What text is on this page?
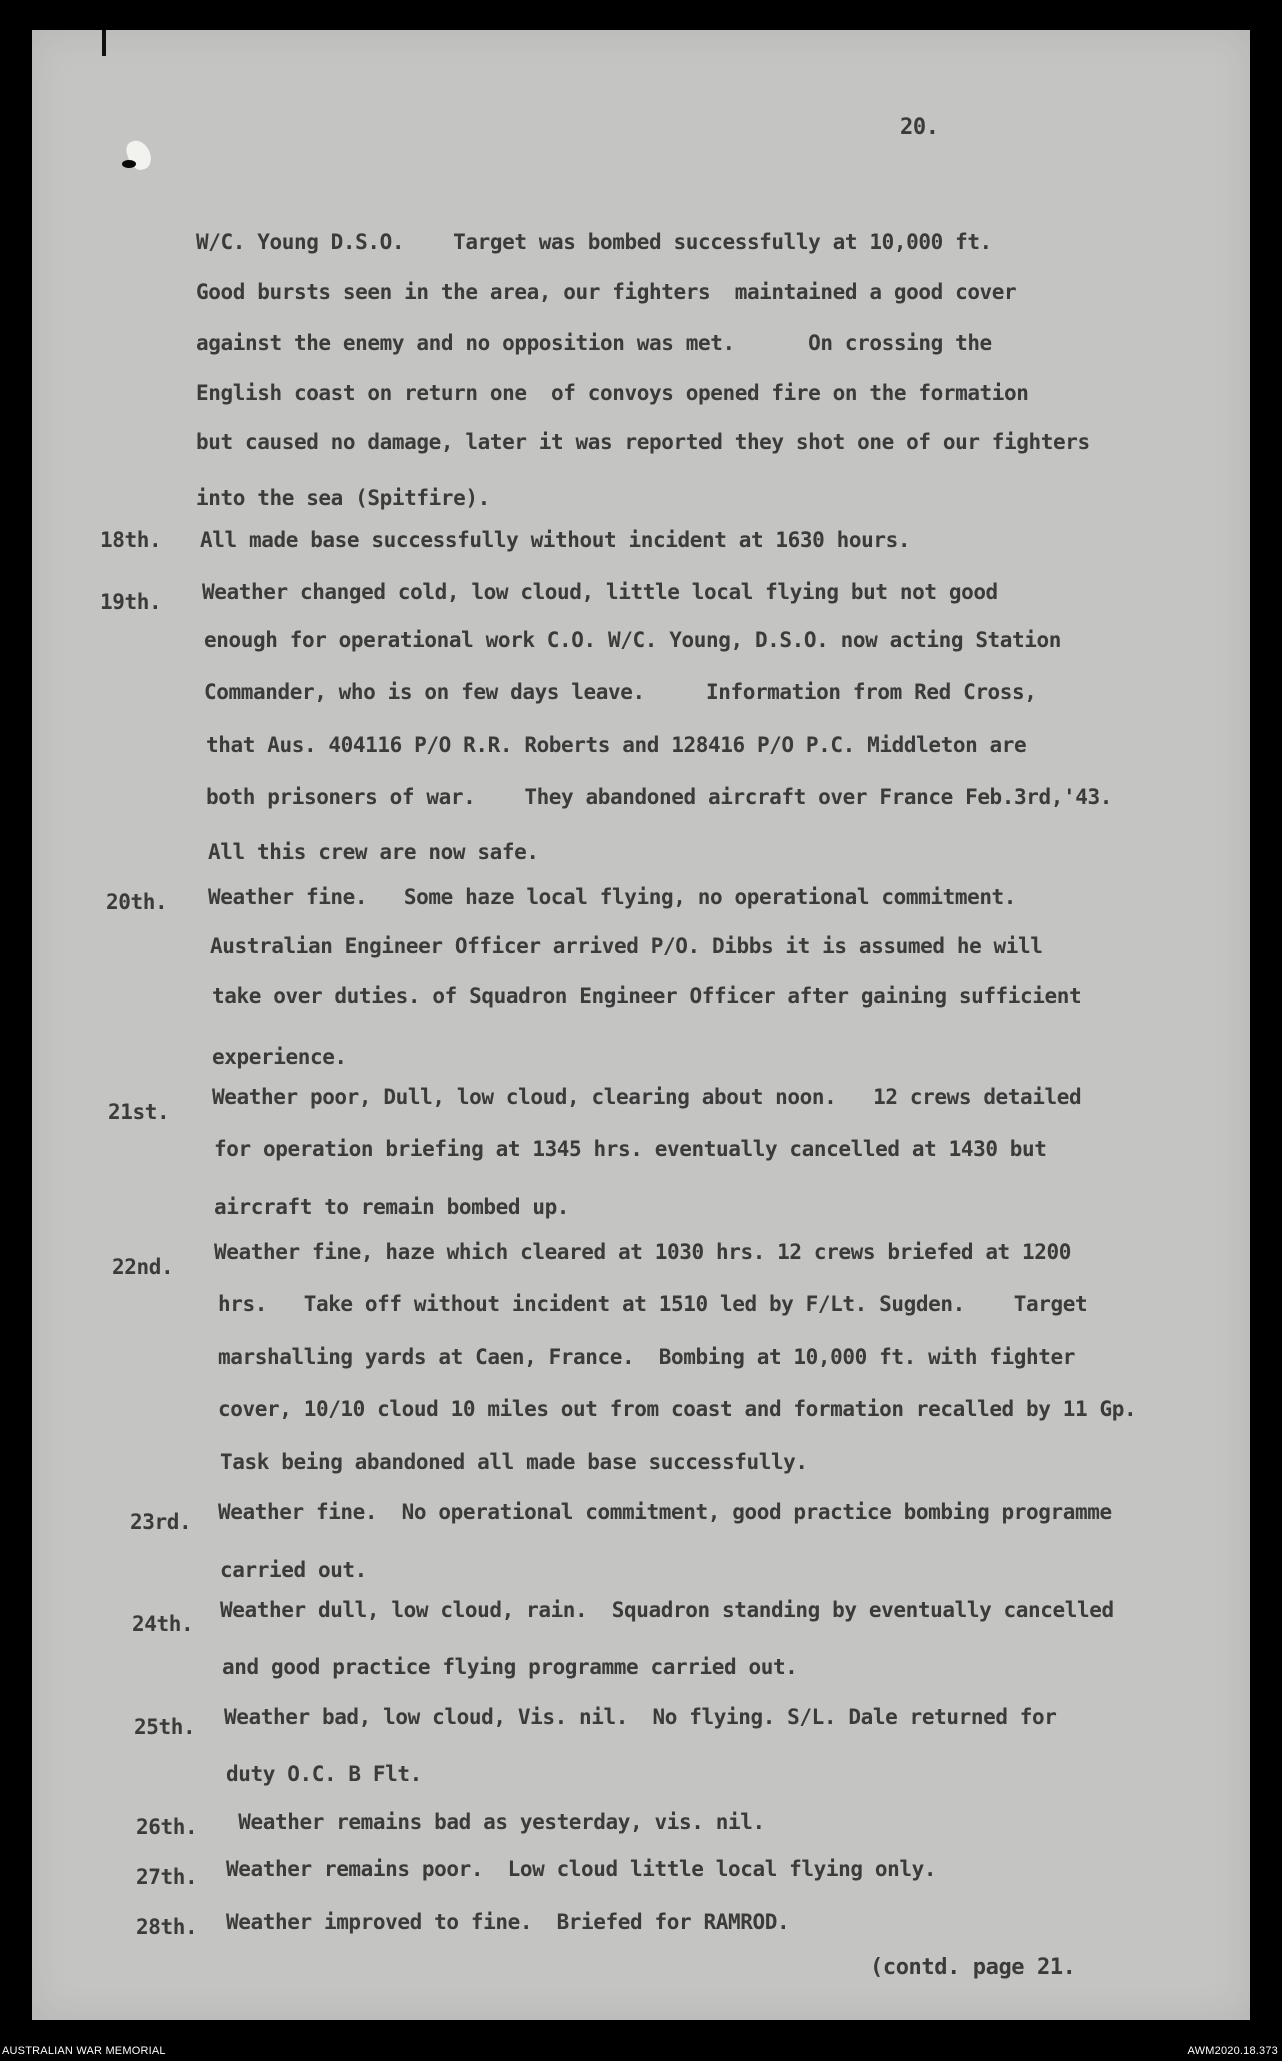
20.
W/C. Young D.S.O.    Target was bombed successfully at 10,000 ft.
Good bursts seen in the area, our fighters  maintained a good cover
against the enemy and no opposition was met.      On crossing the
English coast on return one  of convoys opened fire on the formation
but caused no damage, later it was reported they shot one of our fighters
into the sea (Spitfire).
18th. All made base successfully without incident at 1630 hours.
19th. Weather changed cold, low cloud, little local flying but not good
enough for operational work C.O. W/C. Young, D.S.O. now acting Station
Commander, who is on few days leave.     Information from Red Cross,
that Aus. 404116 P/O R.R. Roberts and 128416 P/O P.C. Middleton are
both prisoners of war.    They abandoned aircraft over France Feb.3rd,'43.
All this crew are now safe.
20th. Weather fine.   Some haze local flying, no operational commitment.
Australian Engineer Officer arrived P/O. Dibbs it is assumed he will
take over duties. of Squadron Engineer Officer after gaining sufficient
experience.
21st.
Weather poor, Dull, low cloud, clearing about noon.   12 crews detailed
for operation briefing at 1345 hrs. eventually cancelled at 1430 but
aircraft to remain bombed up.
22nd.
Weather fine, haze which cleared at 1030 hrs. 12 crews briefed at 1200
hrs.   Take off without incident at 1510 led by F/Lt. Sugden.    Target
marshalling yards at Caen, France.  Bombing at 10,000 ft. with fighter
cover, 10/10 cloud 10 miles out from coast and formation recalled by 11 Gp.
Task being abandoned all made base successfully.
23rd. Weather fine.  No operational commitment, good practice bombing programme
carried out.
24th.
Weather dull, low cloud, rain.  Squadron standing by eventually cancelled
and good practice flying programme carried out.
25th. Weather bad, low cloud, Vis. nil.  No flying. S/L. Dale returned for
duty O.C. B Flt.
26th. Weather remains bad as yesterday, vis. nil.
27th. Weather remains poor.  Low cloud little local flying only.
28th. Weather improved to fine.  Briefed for RAMROD.
(contd. page 21.
AUSTRALIAN WAR MEMORIAL	AWM2020.18.373
